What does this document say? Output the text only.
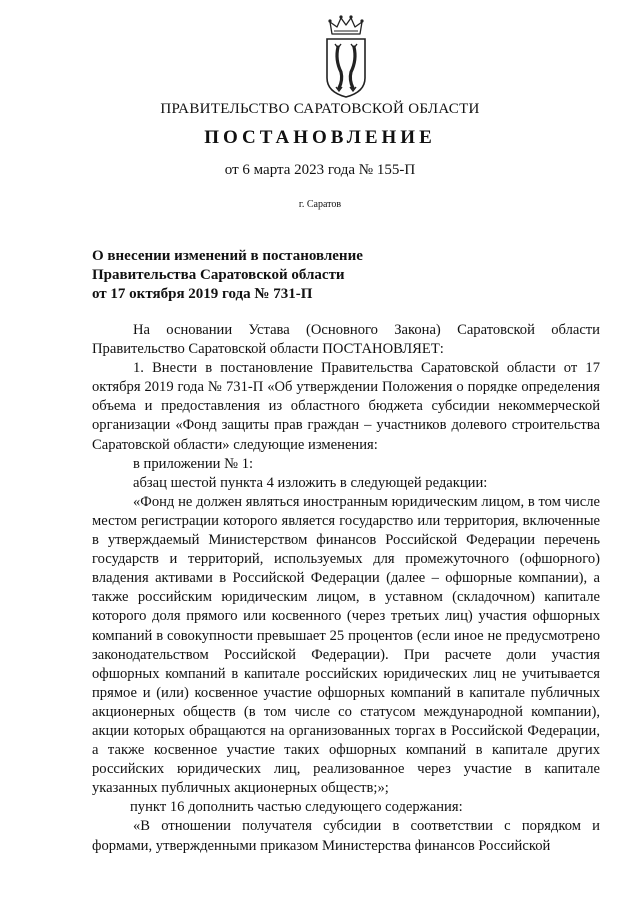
ПРАВИТЕЛЬСТВО САРАТОВСКОЙ ОБЛАСТИ
ПОСТАНОВЛЕНИЕ
от 6 марта 2023 года № 155-П
г. Саратов
О внесении изменений в постановление
Правительства Саратовской области
от 17 октября 2019 года № 731-П

На основании Устава (Основного Закона) Саратовской области Правительство Саратовской области ПОСТАНОВЛЯЕТ:

1. Внести в постановление Правительства Саратовской области от 17 октября 2019 года № 731-П «Об утверждении Положения о порядке определения объема и предоставления из областного бюджета субсидии некоммерческой организации «Фонд защиты прав граждан – участников долевого строительства Саратовской области» следующие изменения:

в приложении № 1:

абзац шестой пункта 4 изложить в следующей редакции:

«Фонд не должен являться иностранным юридическим лицом, в том числе местом регистрации которого является государство или территория, включенные в утверждаемый Министерством финансов Российской Федерации перечень государств и территорий, используемых для промежуточного (офшорного) владения активами в Российской Федерации (далее – офшорные компании), а также российским юридическим лицом, в уставном (складочном) капитале которого доля прямого или косвенного (через третьих лиц) участия офшорных компаний в совокупности превышает 25 процентов (если иное не предусмотрено законодательством Российской Федерации). При расчете доли участия офшорных компаний в капитале российских юридических лиц не учитывается прямое и (или) косвенное участие офшорных компаний в капитале публичных акционерных обществ (в том числе со статусом международной компании), акции которых обращаются на организованных торгах в Российской Федерации, а также косвенное участие таких офшорных компаний в капитале других российских юридических лиц, реализованное через участие в капитале указанных публичных акционерных обществ;»;

пункт 16 дополнить частью следующего содержания:

«В отношении получателя субсидии в соответствии с порядком и формами, утвержденными приказом Министерства финансов Российской
